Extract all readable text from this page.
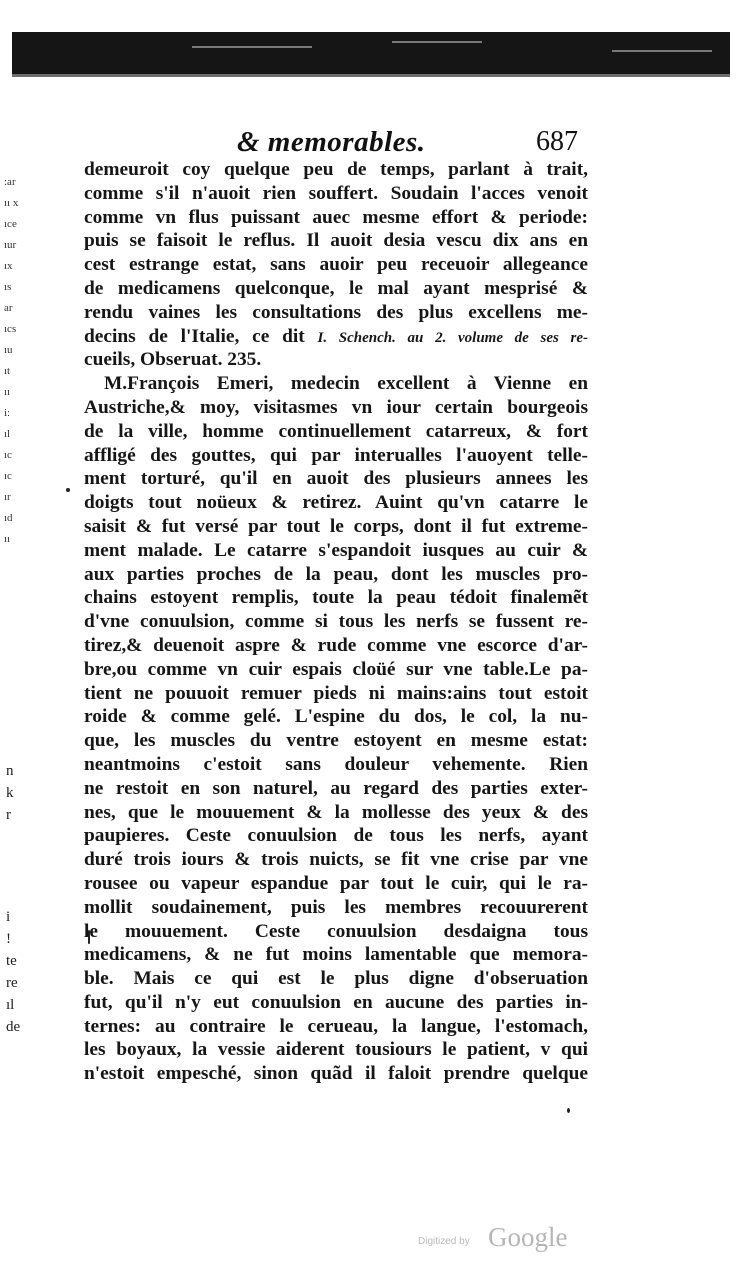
& memorables.	687
:ar
ıı x
ıce
ıur
ıx
ıs
ar
ıcs
ıu
ıt
ıı
i:
ıl
ıc
ıc
ır
ıd
ıı
n
k
r
i
!
te
re
ıl
de
demeuroit coy quelque peu de temps, parlant à trait,
comme s'il n'auoit rien souffert. Soudain l'acces venoit
comme vn flus puissant auec mesme effort & periode:
puis se faisoit le reflus. Il auoit desia vescu dix ans en
cest estrange estat, sans auoir peu receuoir allegeance
de medicamens quelconque, le mal ayant mesprisé &
rendu vaines les consultations des plus excellens me-
decins de l'Italie, ce dit I. Schench. au 2. volume de ses re-
cueils, Obseruat. 235.
M.François Emeri, medecin excellent à Vienne en
Austriche,& moy, visitasmes vn iour certain bourgeois
de la ville, homme continuellement catarreux, & fort
affligé des gouttes, qui par interualles l'auoyent telle-
ment torturé, qu'il en auoit des plusieurs annees les
doigts tout noüeux & retirez. Auint qu'vn catarre le
saisit & fut versé par tout le corps, dont il fut extreme-
ment malade. Le catarre s'espandoit iusques au cuir &
aux parties proches de la peau, dont les muscles pro-
chains estoyent remplis, toute la peau tédoit finalemẽt
d'vne conuulsion, comme si tous les nerfs se fussent re-
tirez,& deuenoit aspre & rude comme vne escorce d'ar-
bre,ou comme vn cuir espais cloüé sur vne table.Le pa-
tient ne pouuoit remuer pieds ni mains:ains tout estoit
roide & comme gelé. L'espine du dos, le col, la nu-
que, les muscles du ventre estoyent en mesme estat:
neantmoins c'estoit sans douleur vehemente. Rien
ne restoit en son naturel, au regard des parties exter-
nes, que le mouuement & la mollesse des yeux & des
paupieres. Ceste conuulsion de tous les nerfs, ayant
duré trois iours & trois nuicts, se fit vne crise par vne
rousee ou vapeur espandue par tout le cuir, qui le ra-
mollit soudainement, puis les membres recouurerent
le mouuement. Ceste conuulsion desdaigna tous
medicamens, & ne fut moins lamentable que memora-
ble. Mais ce qui est le plus digne d'obseruation
fut, qu'il n'y eut conuulsion en aucune des parties in-
ternes: au contraire le cerueau, la langue, l'estomach,
les boyaux, la vessie aiderent tousiours le patient, v qui
n'estoit empesché, sinon quãd il faloit prendre quelque
Digitized by Google
